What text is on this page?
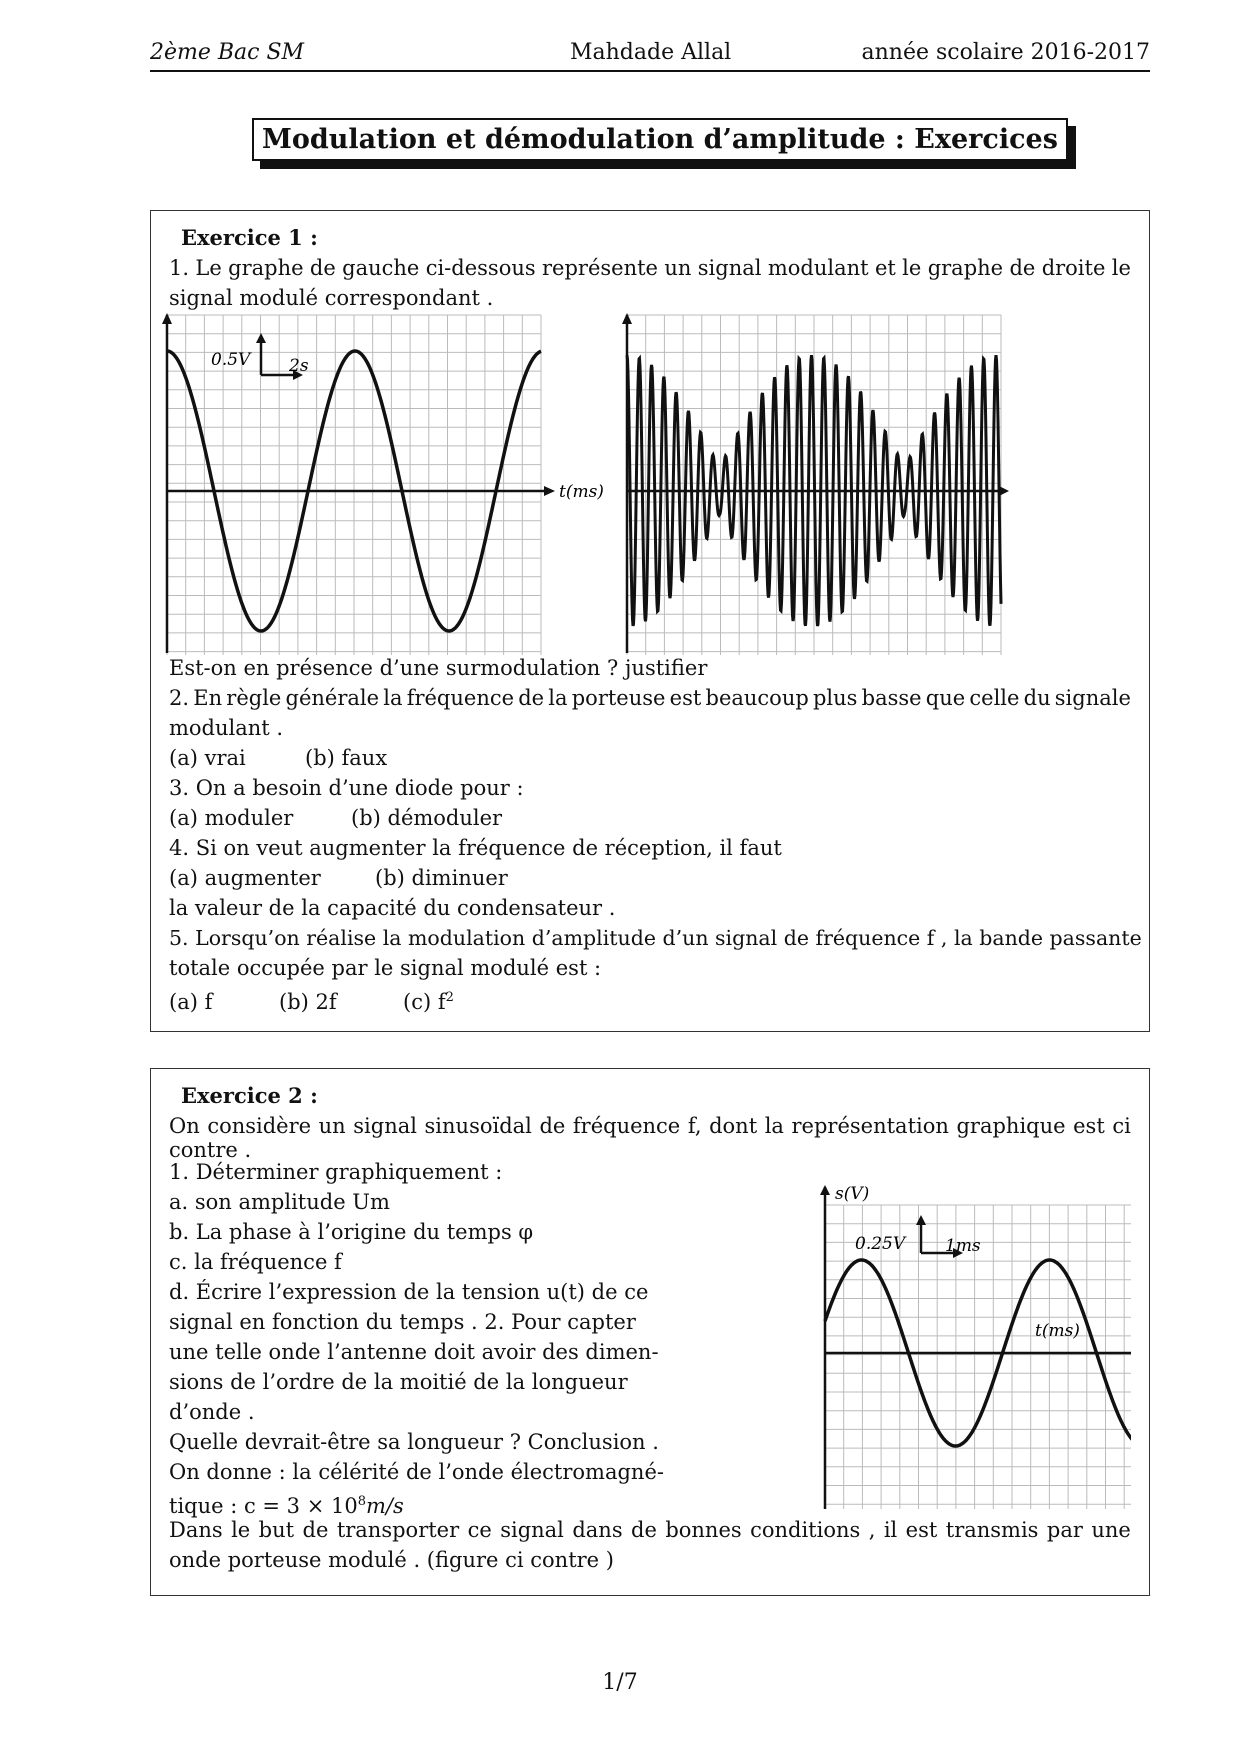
2ème Bac SM	Mahdade Allal	année scolaire 2016-2017
Modulation et démodulation d’amplitude : Exercices
Exercice 1 :
1. Le graphe de gauche ci-dessous représente un signal modulant et le graphe de droite le
signal modulé correspondant .
0.5V 2s
t(ms)
Est-on en présence d’une surmodulation ? justifier
2. En règle générale la fréquence de la porteuse est beaucoup plus basse que celle du signale
modulant .
(a) vrai	(b) faux
3. On a besoin d’une diode pour :
(a) moduler	(b) démoduler
4. Si on veut augmenter la fréquence de réception, il faut
(a) augmenter	(b) diminuer
la valeur de la capacité du condensateur .
5. Lorsqu’on réalise la modulation d’amplitude d’un signal de fréquence f , la bande passante
totale occupée par le signal modulé est :
(a) f	(b) 2f	(c) $f^2$
Exercice 2 :
On considère un signal sinusoïdal de fréquence f, dont la représentation graphique est ci
contre .
1. Déterminer graphiquement :
a. son amplitude Um
b. La phase à l’origine du temps φ
c. la fréquence f
d. Écrire l’expression de la tension u(t) de ce
signal en fonction du temps . 2. Pour capter
une telle onde l’antenne doit avoir des dimen-
sions de l’ordre de la moitié de la longueur
d’onde .
Quelle devrait-être sa longueur ? Conclusion .
On donne : la célérité de l’onde électromagné-
tique : $c = 3 \times 10^8m/s$
s(V)
0.25V 1ms
t(ms)
Dans le but de transporter ce signal dans de bonnes conditions , il est transmis par une
onde porteuse modulé . (figure ci contre )
1/7
